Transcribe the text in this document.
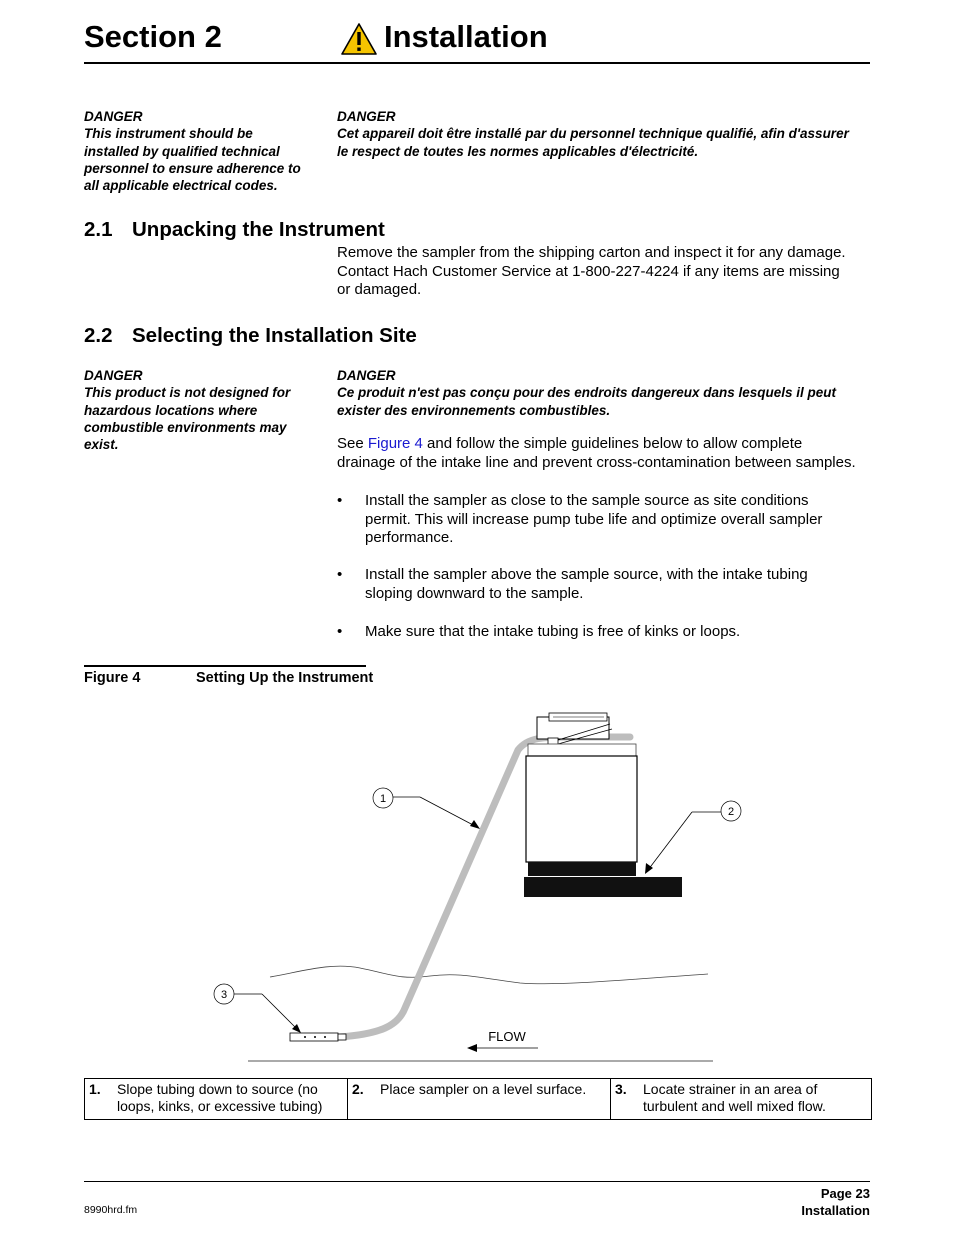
Section 2	Installation
DANGER
This instrument should be
installed by qualified technical
personnel to ensure adherence to
all applicable electrical codes.
DANGER
Cet appareil doit être installé par du personnel technique qualifié, afin d'assurer
le respect de toutes les normes applicables d'électricité.
2.1 Unpacking the Instrument
Remove the sampler from the shipping carton and inspect it for any damage.
Contact Hach Customer Service at 1-800-227-4224 if any items are missing
or damaged.
2.2 Selecting the Installation Site
DANGER
This product is not designed for
hazardous locations where
combustible environments may
exist.
DANGER
Ce produit n'est pas conçu pour des endroits dangereux dans lesquels il peut
exister des environnements combustibles.
See Figure 4 and follow the simple guidelines below to allow complete
drainage of the intake line and prevent cross-contamination between samples.
• Install the sampler as close to the sample source as site conditions
permit. This will increase pump tube life and optimize overall sampler
performance.
• Install the sampler above the sample source, with the intake tubing
sloping downward to the sample.
• Make sure that the intake tubing is free of kinks or loops.
Figure 4	Setting Up the Instrument
1
2
3
FLOW
1. Slope tubing down to source (no
loops, kinks, or excessive tubing)	2. Place sampler on a level surface.	3. Locate strainer in an area of
turbulent and well mixed flow.
8990hrd.fm
Page 23
Installation
